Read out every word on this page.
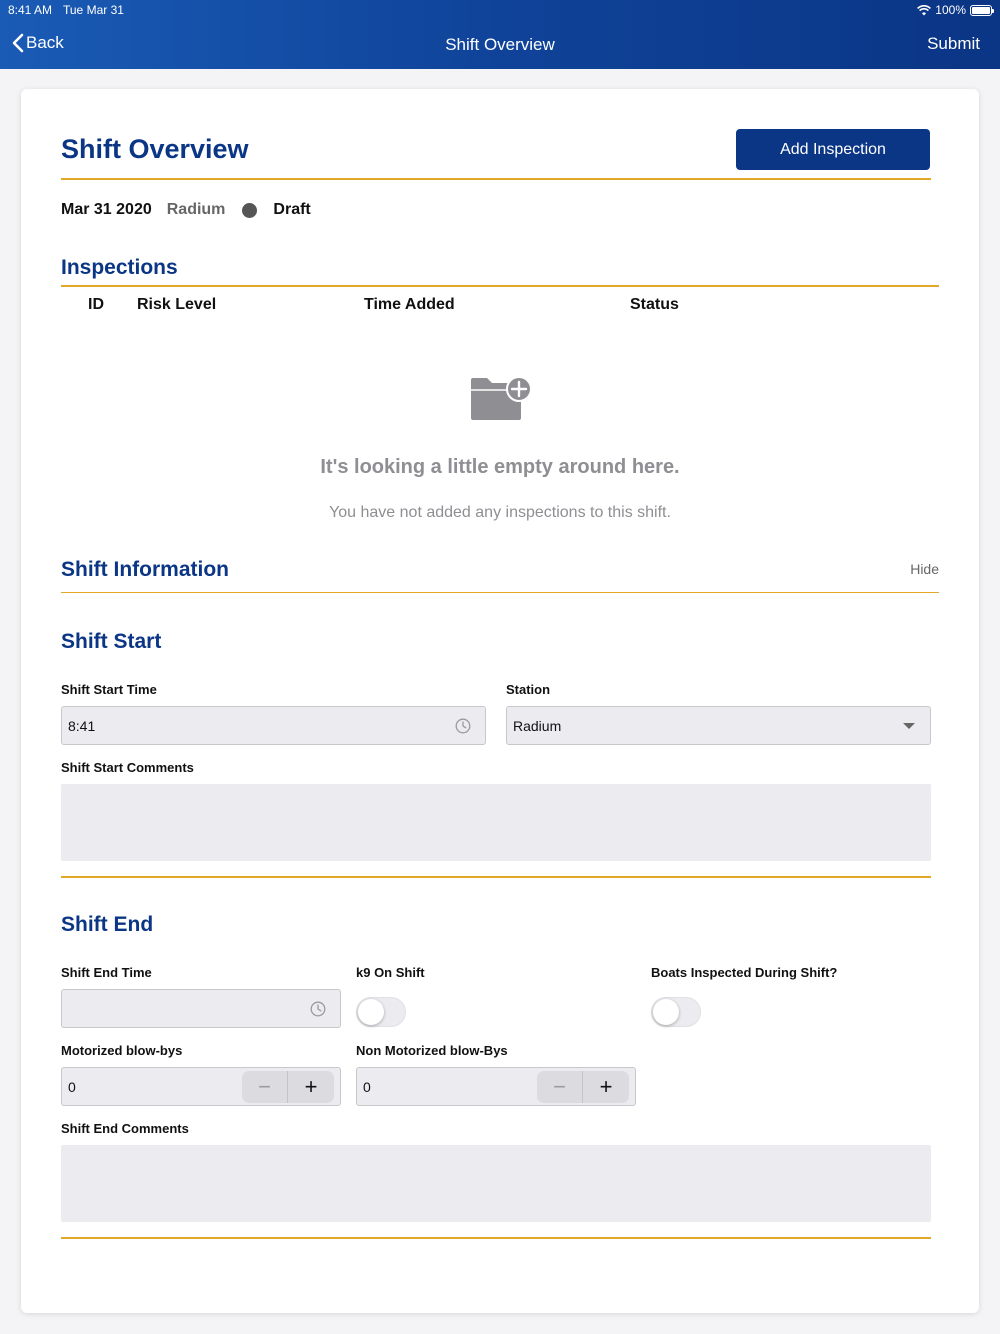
8:41 AM Tue Mar 31	100%
Back	Shift Overview	Submit
Shift Overview	Add Inspection
Mar 31 2020 Radium	Draft
Inspections
ID Risk Level	Time Added	Status
It's looking a little empty around here.
You have not added any inspections to this shift.
Shift Information	Hide
Shift Start
Shift Start Time
8:41
Station
Radium
Shift Start Comments
Shift End
Shift End Time	k9 On Shift	Boats Inspected During Shift?
Motorized blow-bys
0	−	+
Non Motorized blow-Bys
0	−	+
Shift End Comments
